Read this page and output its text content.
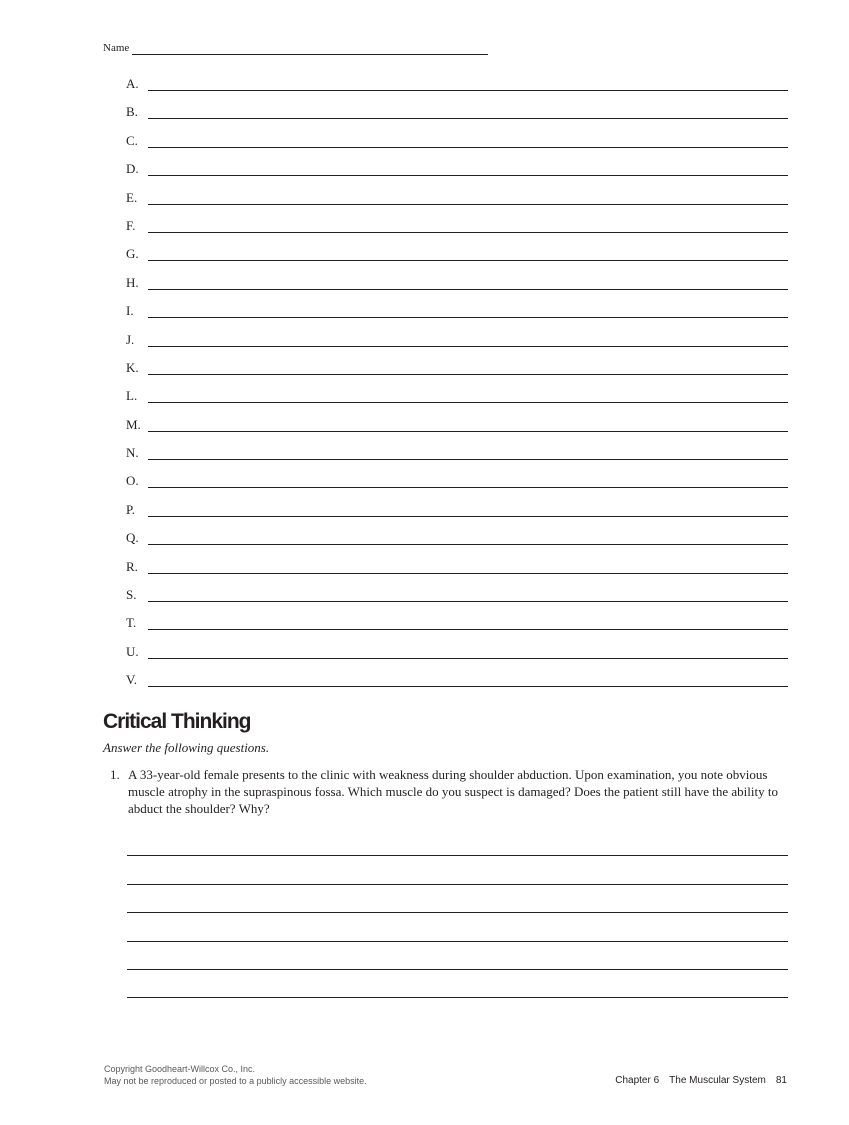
Name
A.
B.
C.
D.
E.
F.
G.
H.
I.
J.
K.
L.
M.
N.
O.
P.
Q.
R.
S.
T.
U.
V.
Critical Thinking
Answer the following questions.
1. A 33-year-old female presents to the clinic with weakness during shoulder abduction. Upon examination, you note obvious muscle atrophy in the supraspinous fossa. Which muscle do you suspect is damaged? Does the patient still have the ability to abduct the shoulder? Why?
Copyright Goodheart-Willcox Co., Inc.
May not be reproduced or posted to a publicly accessible website.	Chapter 6 The Muscular System 81
